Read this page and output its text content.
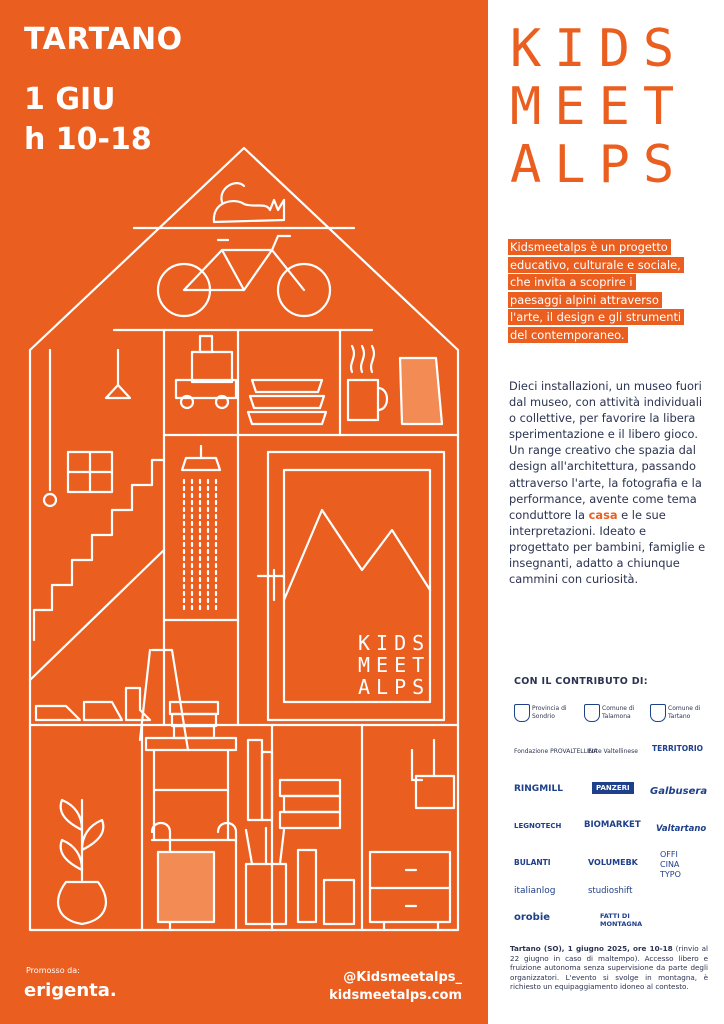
TARTANO
1 GIU
h 10-18
KIDS
MEET
ALPS
Promosso da:
erigenta.
@Kidsmeetalps_
kidsmeetalps.com
KIDS
MEET
ALPS
Kidsmeetalps è un progetto
educativo, culturale e sociale,
che invita a scoprire i
paesaggi alpini attraverso
l'arte, il design e gli strumenti
del contemporaneo.
Dieci installazioni, un museo fuori dal museo, con attività individuali o collettive, per favorire la libera sperimentazione e il libero gioco. Un range creativo che spazia dal design all'architettura, passando attraverso l'arte, la fotografia e la performance, avente come tema conduttore la casa e le sue interpretazioni. Ideato e progettato per bambini, famiglie e insegnanti, adatto a chiunque cammini con curiosità.
CON IL CONTRIBUTO DI:
Provincia di
Sondrio
Comune di
Talamona
Comune di
Tartano
Fondazione PROVALTELLINA
Ente Valtellinese TERRITORIO
RINGMILL	PANZERI	Galbusera
LEGNOTECH	BIOMARKET Valtartano
BULANTI	VOLUMEBK
OFFI CINA TYPO
italianlog	studioshift
orobie	FATTI DI MONTAGNA
Tartano (SO), 1 giugno 2025, ore 10-18 (rinvio al 22 giugno in caso di maltempo). Accesso libero e fruizione autonoma senza supervisione da parte degli organizzatori. L'evento si svolge in montagna, è richiesto un equipaggiamento idoneo al contesto.
